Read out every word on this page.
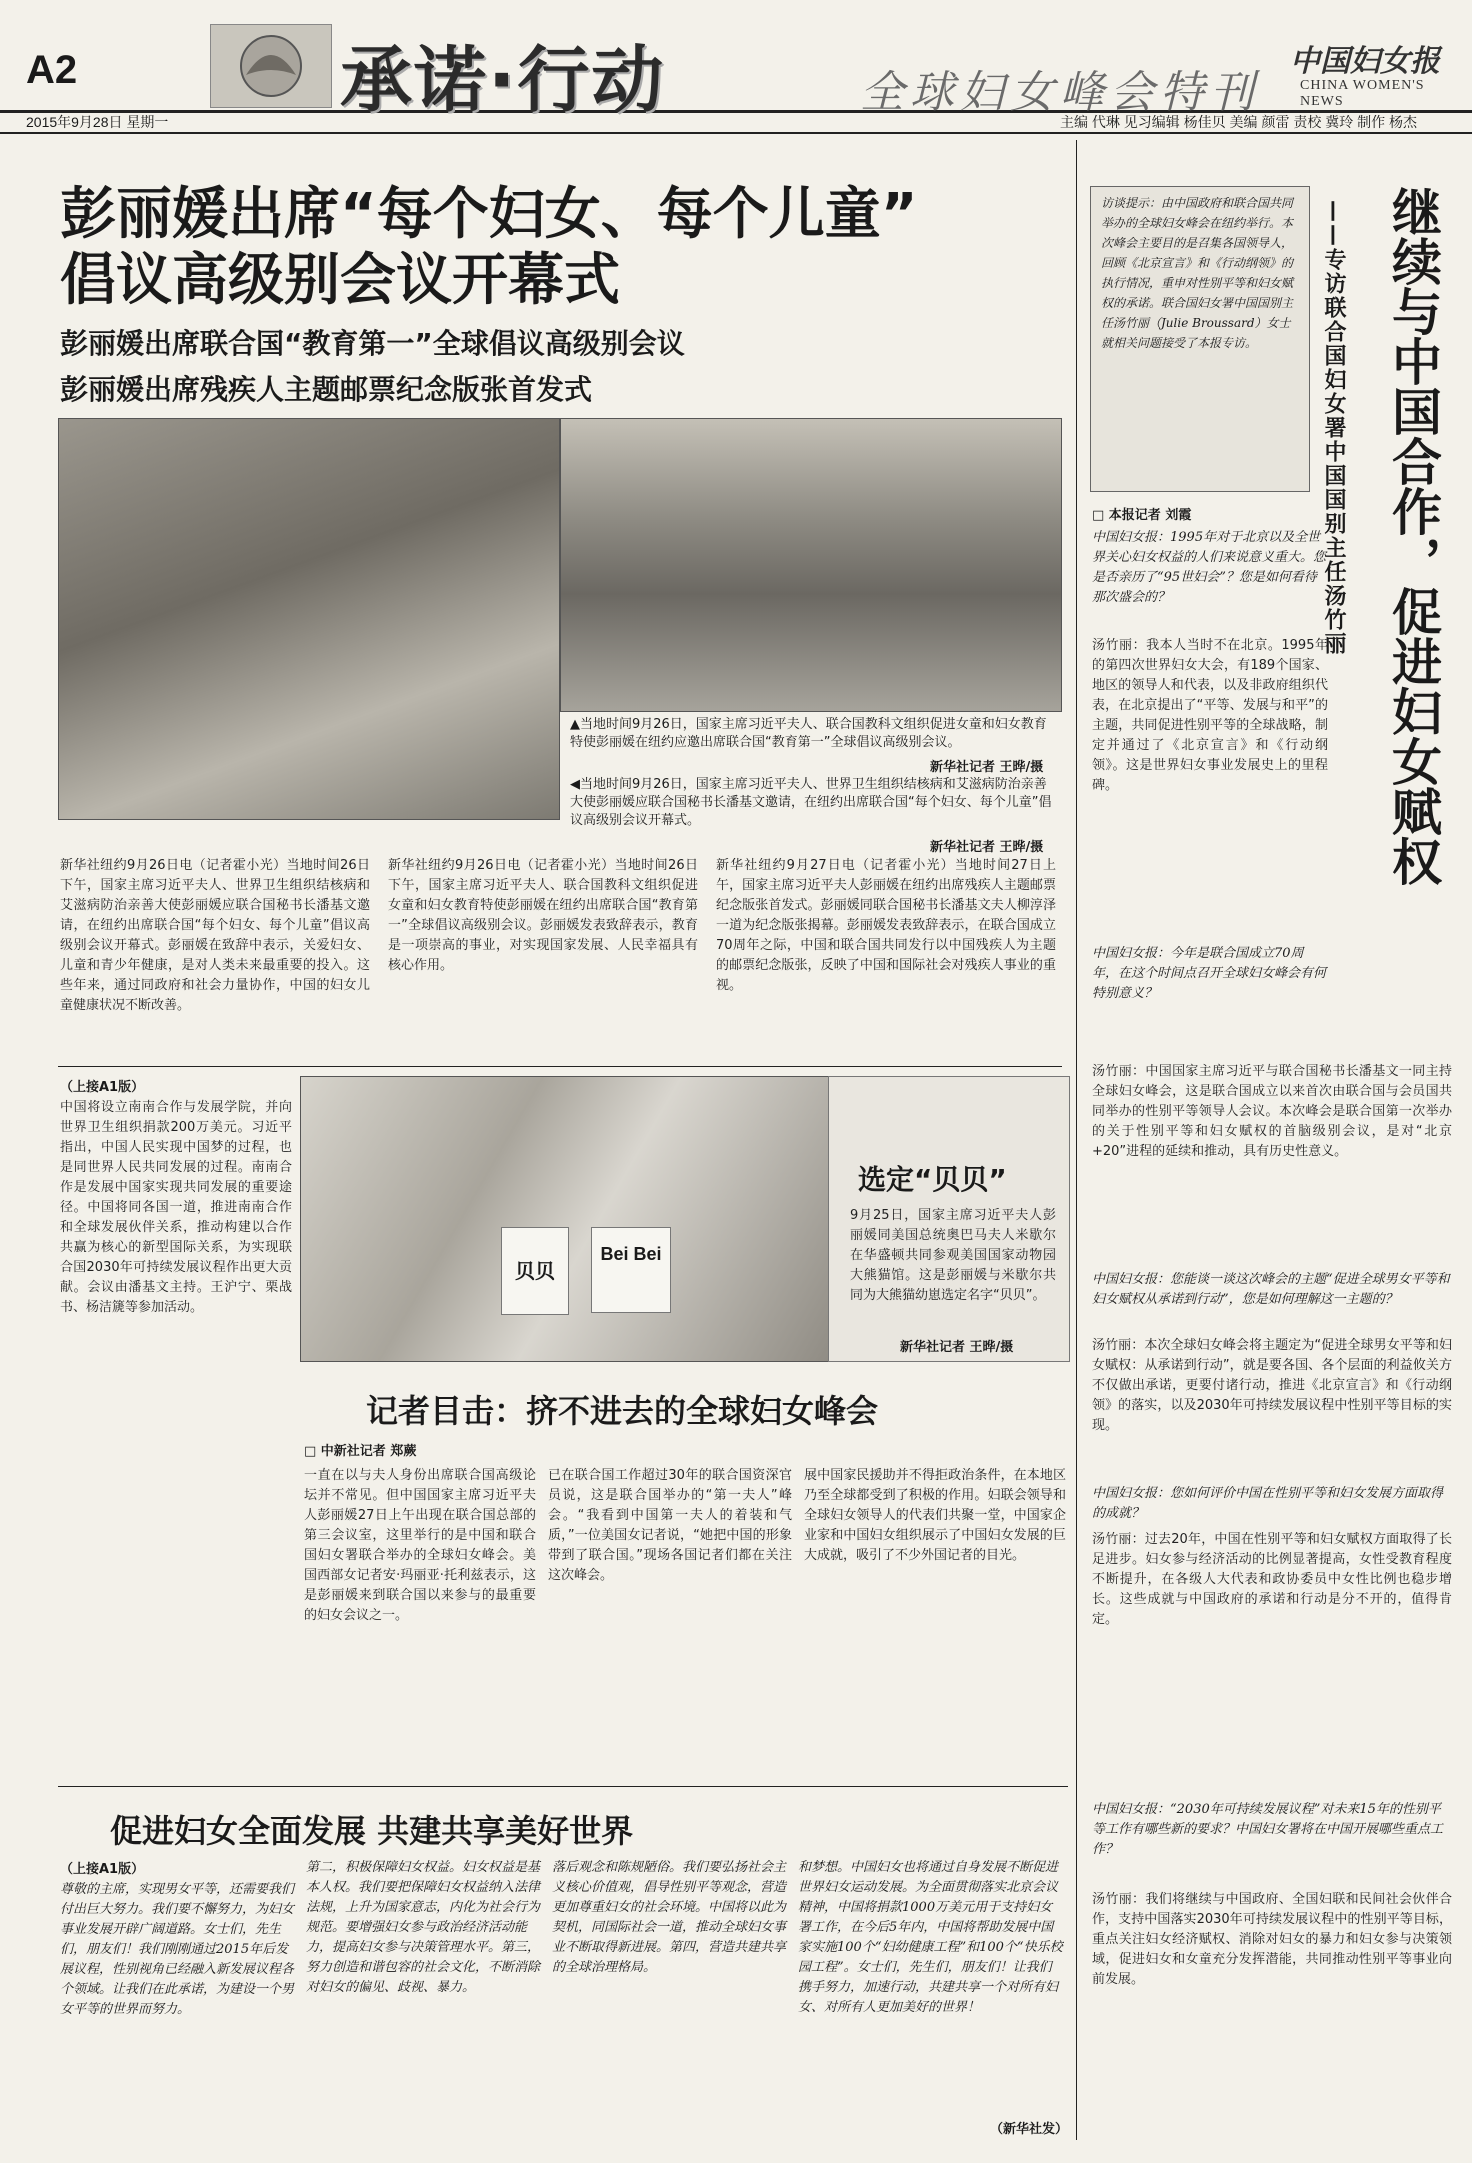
A2	承诺·行动	全球妇女峰会特刊
中国妇女报
CHINA WOMEN'S NEWS
2015年9月28日 星期一	主编 代琳 见习编辑 杨佳贝 美编 颜雷 责校 冀玲 制作 杨杰
彭丽媛出席“每个妇女、每个儿童”
倡议高级别会议开幕式
彭丽媛出席联合国“教育第一”全球倡议高级别会议
彭丽媛出席残疾人主题邮票纪念版张首发式
▲当地时间9月26日，国家主席习近平夫人、联合国教科文组织促进女童和妇女教育特使彭丽媛在纽约应邀出席联合国“教育第一”全球倡议高级别会议。
新华社记者 王晔/摄
◀当地时间9月26日，国家主席习近平夫人、世界卫生组织结核病和艾滋病防治亲善大使彭丽媛应联合国秘书长潘基文邀请，在纽约出席联合国“每个妇女、每个儿童”倡议高级别会议开幕式。
新华社记者 王晔/摄
新华社纽约9月26日电（记者霍小光）当地时间26日下午，国家主席习近平夫人、世界卫生组织结核病和艾滋病防治亲善大使彭丽媛应联合国秘书长潘基文邀请，在纽约出席联合国“每个妇女、每个儿童”倡议高级别会议开幕式。彭丽媛在致辞中表示，关爱妇女、儿童和青少年健康，是对人类未来最重要的投入。这些年来，通过同政府和社会力量协作，中国的妇女儿童健康状况不断改善。
新华社纽约9月26日电（记者霍小光）当地时间26日下午，国家主席习近平夫人、联合国教科文组织促进女童和妇女教育特使彭丽媛在纽约出席联合国“教育第一”全球倡议高级别会议。彭丽媛发表致辞表示，教育是一项崇高的事业，对实现国家发展、人民幸福具有核心作用。
新华社纽约9月27日电（记者霍小光）当地时间27日上午，国家主席习近平夫人彭丽媛在纽约出席残疾人主题邮票纪念版张首发式。彭丽媛同联合国秘书长潘基文夫人柳淳泽一道为纪念版张揭幕。彭丽媛发表致辞表示，在联合国成立70周年之际，中国和联合国共同发行以中国残疾人为主题的邮票纪念版张，反映了中国和国际社会对残疾人事业的重视。
访谈提示：由中国政府和联合国共同举办的全球妇女峰会在纽约举行。本次峰会主要目的是召集各国领导人，回顾《北京宣言》和《行动纲领》的执行情况，重申对性别平等和妇女赋权的承诺。联合国妇女署中国国别主任汤竹丽（Julie Broussard）女士就相关问题接受了本报专访。	继续与中国合作，促进妇女赋权
——专访联合国妇女署中国国别主任汤竹丽
□ 本报记者 刘霞
中国妇女报：1995年对于北京以及全世界关心妇女权益的人们来说意义重大。您是否亲历了“95世妇会”？您是如何看待那次盛会的？
汤竹丽：我本人当时不在北京。1995年的第四次世界妇女大会，有189个国家、地区的领导人和代表，以及非政府组织代表，在北京提出了“平等、发展与和平”的主题，共同促进性别平等的全球战略，制定并通过了《北京宣言》和《行动纲领》。这是世界妇女事业发展史上的里程碑。
中国妇女报：今年是联合国成立70周年，在这个时间点召开全球妇女峰会有何特别意义？
汤竹丽：中国国家主席习近平与联合国秘书长潘基文一同主持全球妇女峰会，这是联合国成立以来首次由联合国与会员国共同举办的性别平等领导人会议。本次峰会是联合国第一次举办的关于性别平等和妇女赋权的首脑级别会议，是对“北京+20”进程的延续和推动，具有历史性意义。
中国妇女报：您能谈一谈这次峰会的主题“促进全球男女平等和妇女赋权从承诺到行动”，您是如何理解这一主题的？
汤竹丽：本次全球妇女峰会将主题定为“促进全球男女平等和妇女赋权：从承诺到行动”，就是要各国、各个层面的利益攸关方不仅做出承诺，更要付诸行动，推进《北京宣言》和《行动纲领》的落实，以及2030年可持续发展议程中性别平等目标的实现。
中国妇女报：您如何评价中国在性别平等和妇女发展方面取得的成就？
汤竹丽：过去20年，中国在性别平等和妇女赋权方面取得了长足进步。妇女参与经济活动的比例显著提高，女性受教育程度不断提升，在各级人大代表和政协委员中女性比例也稳步增长。这些成就与中国政府的承诺和行动是分不开的，值得肯定。
中国妇女报：“2030年可持续发展议程”对未来15年的性别平等工作有哪些新的要求？中国妇女署将在中国开展哪些重点工作？
汤竹丽：我们将继续与中国政府、全国妇联和民间社会伙伴合作，支持中国落实2030年可持续发展议程中的性别平等目标，重点关注妇女经济赋权、消除对妇女的暴力和妇女参与决策领域，促进妇女和女童充分发挥潜能，共同推动性别平等事业向前发展。
（上接A1版）
中国将设立南南合作与发展学院，并向世界卫生组织捐款200万美元。习近平指出，中国人民实现中国梦的过程，也是同世界人民共同发展的过程。南南合作是发展中国家实现共同发展的重要途径。中国将同各国一道，推进南南合作和全球发展伙伴关系，推动构建以合作共赢为核心的新型国际关系，为实现联合国2030年可持续发展议程作出更大贡献。会议由潘基文主持。王沪宁、栗战书、杨洁篪等参加活动。
贝贝
Bei Bei
选定“贝贝”
9月25日，国家主席习近平夫人彭丽媛同美国总统奥巴马夫人米歇尔在华盛顿共同参观美国国家动物园大熊猫馆。这是彭丽媛与米歇尔共同为大熊猫幼崽选定名字“贝贝”。
新华社记者 王晔/摄
记者目击：挤不进去的全球妇女峰会
□ 中新社记者 郑蕨
一直在以与夫人身份出席联合国高级论坛并不常见。但中国国家主席习近平夫人彭丽媛27日上午出现在联合国总部的第三会议室，这里举行的是中国和联合国妇女署联合举办的全球妇女峰会。美国西部女记者安·玛丽亚·托利兹表示，这是彭丽媛来到联合国以来参与的最重要的妇女会议之一。
已在联合国工作超过30年的联合国资深官员说，这是联合国举办的“第一夫人”峰会。“我看到中国第一夫人的着装和气质，”一位美国女记者说，“她把中国的形象带到了联合国。”现场各国记者们都在关注这次峰会。
展中国家民援助并不得拒政治条件，在本地区乃至全球都受到了积极的作用。妇联会领导和全球妇女领导人的代表们共聚一堂，中国家企业家和中国妇女组织展示了中国妇女发展的巨大成就，吸引了不少外国记者的目光。
促进妇女全面发展 共建共享美好世界
（上接A1版）
尊敬的主席，实现男女平等，还需要我们付出巨大努力。我们要不懈努力，为妇女事业发展开辟广阔道路。女士们，先生们，朋友们！我们刚刚通过2015年后发展议程，性别视角已经融入新发展议程各个领域。让我们在此承诺，为建设一个男女平等的世界而努力。
第二，积极保障妇女权益。妇女权益是基本人权。我们要把保障妇女权益纳入法律法规，上升为国家意志，内化为社会行为规范。要增强妇女参与政治经济活动能力，提高妇女参与决策管理水平。第三，努力创造和谐包容的社会文化，不断消除对妇女的偏见、歧视、暴力。
落后观念和陈规陋俗。我们要弘扬社会主义核心价值观，倡导性别平等观念，营造更加尊重妇女的社会环境。中国将以此为契机，同国际社会一道，推动全球妇女事业不断取得新进展。第四，营造共建共享的全球治理格局。
和梦想。中国妇女也将通过自身发展不断促进世界妇女运动发展。为全面贯彻落实北京会议精神，中国将捐款1000万美元用于支持妇女署工作，在今后5年内，中国将帮助发展中国家实施100个“妇幼健康工程”和100个“快乐校园工程”。女士们，先生们，朋友们！让我们携手努力，加速行动，共建共享一个对所有妇女、对所有人更加美好的世界！
（新华社发）
